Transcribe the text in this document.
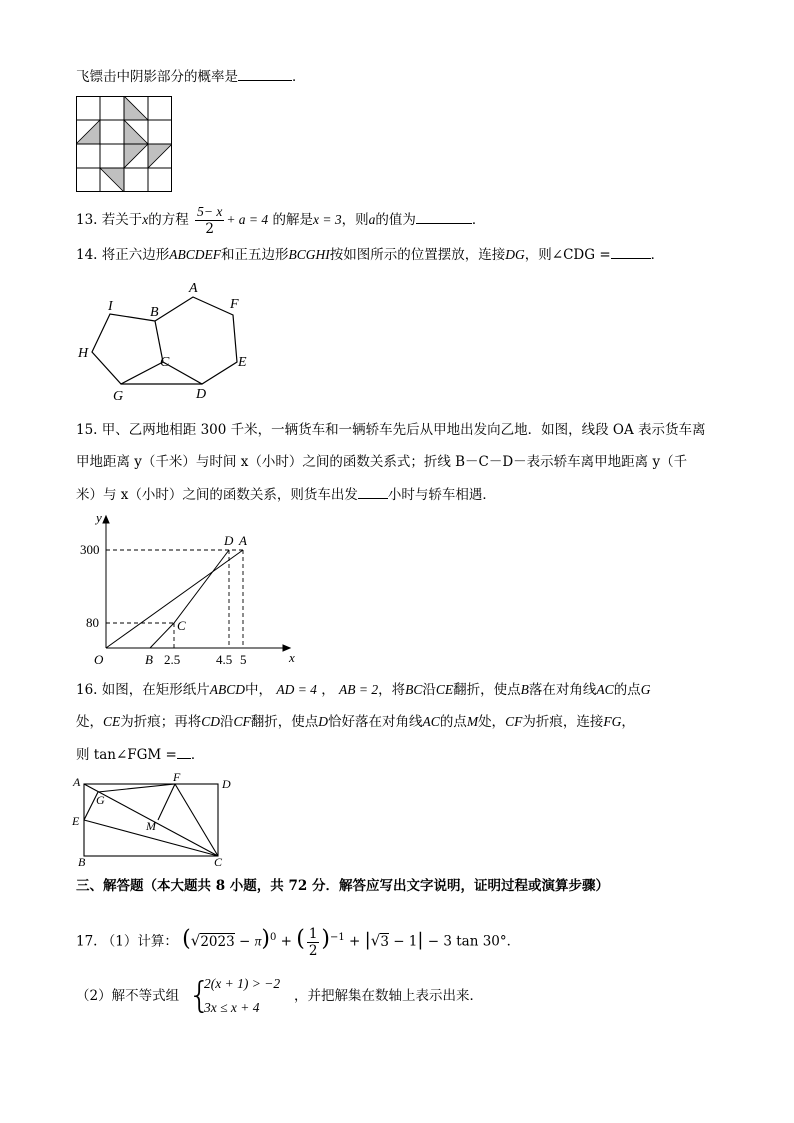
飞镖击中阴影部分的概率是	．
13. 若关于x的方程 $\frac{5- x}{2} + a = 4$ 的解是x = 3，则a的值为	．
14. 将正六边形ABCDEF和正五边形BCGHI按如图所示的位置摆放，连接DG，则∠CDG =	．
A
B
C
D
E
F
G
H
I
15. 甲、乙两地相距 300 千米，一辆货车和一辆轿车先后从甲地出发向乙地．如图，线段 OA 表示货车离
甲地距离 y（千米）与时间 x（小时）之间的函数关系式；折线 B－C－D－表示轿车离甲地距离 y（千
米）与 x（小时）之间的函数关系，则货车出发 小时与轿车相遇．
y
x
O	B
C
D A
300
80
2.5	4.5 5
16. 如图，在矩形纸片ABCD中， AD = 4 ， AB = 2，将BC沿CE翻折，使点B落在对角线AC的点G
处，CE为折痕；再将CD沿CF翻折，使点D恰好落在对角线AC的点M处，CF为折痕，连接FG，
则 tan∠FGM = ．
A	F	D
G
E	M
B	C
三、解答题（本大题共 8 小题，共 72 分．解答应写出文字说明，证明过程或演算步骤）
17. （1）计算： $(√2023 - \pi)^0$ + ( $\frac{1}{2} )^{-1} + |√3 - 1| - 3$ tan 30°．
（2）解不等式组 {
2(x + 1) > −2
3x ≤ x + 4
，并把解集在数轴上表示出来．
